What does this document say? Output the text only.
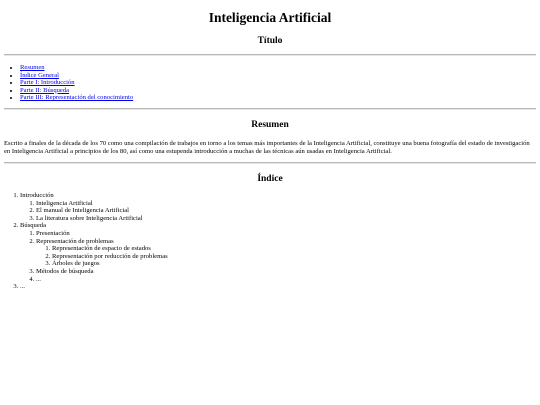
Inteligencia Artificial
Título
• Resumen
• Índice General
• Parte I: Introducción
• Parte II: Búsqueda
• Parte III: Representación del conocimiento
Resumen

Escrito a finales de la década de los 70 como una compilación de trabajos en torno a los temas más importantes de la Inteligencia Artificial, constituye una buena fotografía del estado de investigación en Inteligencia Artificial a principios de los 80, así como una estupenda introducción a muchas de las técnicas aún usadas en Inteligencia Artificial.

Índice
1. Introducción
1. Inteligencia Artificial
2. El manual de Inteligencia Artificial
3. La literatura sobre Inteligencia Artificial
2. Búsqueda
1. Presentación
2. Representación de problemas
1. Representación de espacio de estados
2. Representación por reducción de problemas
3. Árboles de juegos
3. Métodos de búsqueda
4. ...
3. ...
